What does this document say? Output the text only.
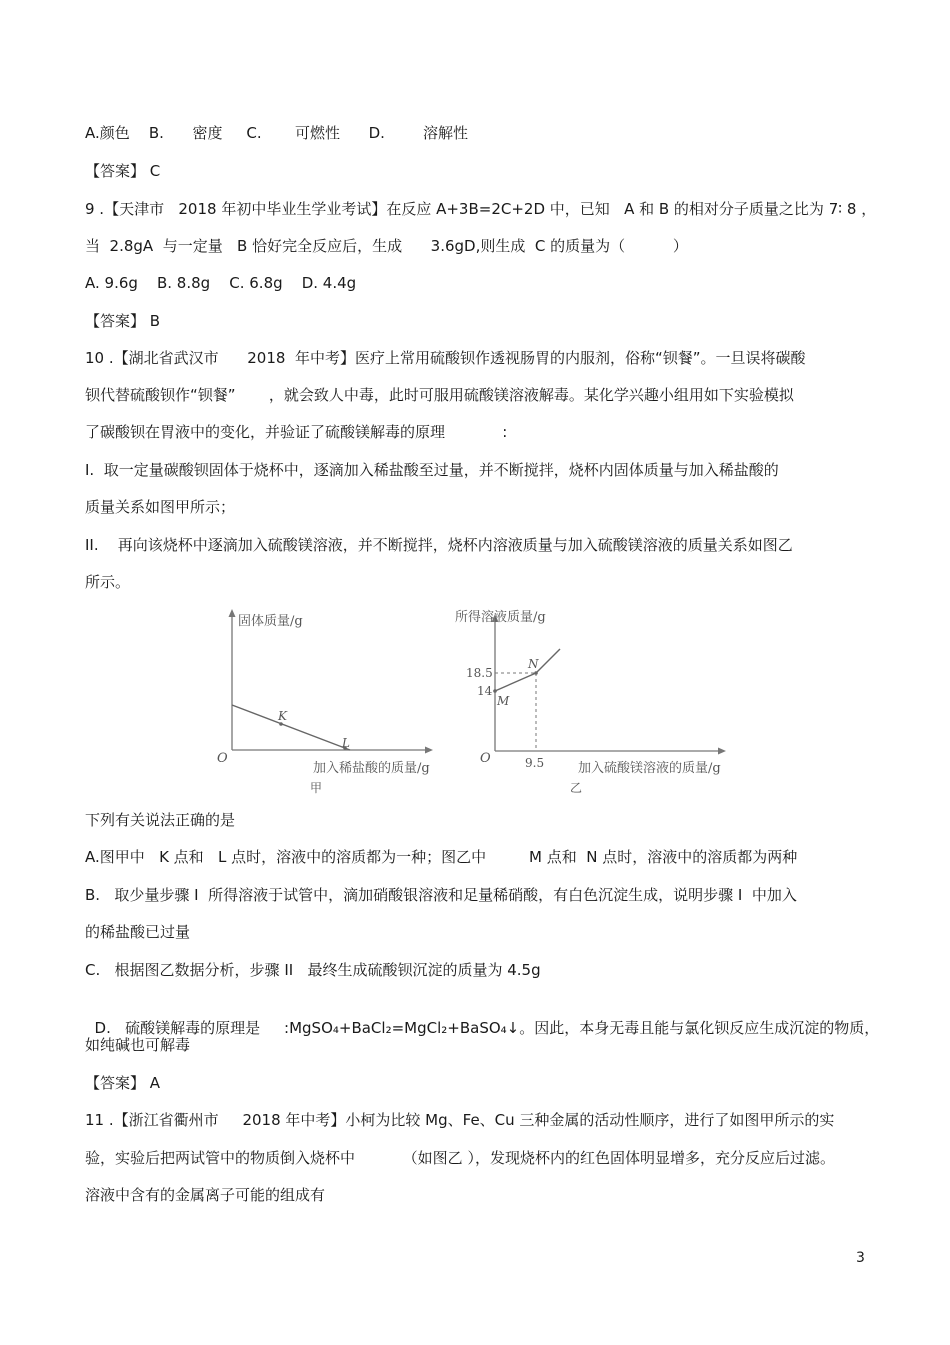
A.颜色    B.      密度     C.       可燃性      D.        溶解性
【答案】 C
9 .【天津市   2018 年初中毕业生学业考试】在反应 A+3B=2C+2D 中，已知   A 和 B 的相对分子质量之比为 7∶ 8 ，
当  2.8gA  与一定量   B 恰好完全反应后，生成      3.6gD,则生成  C 的质量为（          ）
A. 9.6g    B. 8.8g    C. 6.8g    D. 4.4g
【答案】 B
10 .【湖北省武汉市      2018  年中考】医疗上常用硫酸钡作透视肠胃的内服剂，俗称“钡餐”。一旦误将碳酸
钡代替硫酸钡作“钡餐”       ，就会致人中毒，此时可服用硫酸镁溶液解毒。某化学兴趣小组用如下实验模拟
了碳酸钡在胃液中的变化，并验证了硫酸镁解毒的原理            :
I.  取一定量碳酸钡固体于烧杯中，逐滴加入稀盐酸至过量，并不断搅拌，烧杯内固体质量与加入稀盐酸的
质量关系如图甲所示；
II.    再向该烧杯中逐滴加入硫酸镁溶液，并不断搅拌，烧杯内溶液质量与加入硫酸镁溶液的质量关系如图乙
所示。
固体质量/g
K
L
O
加入稀盐酸的质量/g
甲
所得溶液质量/g
18.5
14
N
M
O	9.5	加入硫酸镁溶液的质量/g
乙
下列有关说法正确的是
A.图甲中   K 点和   L 点时，溶液中的溶质都为一种；图乙中         M 点和  N 点时，溶液中的溶质都为两种
B.   取少量步骤 I  所得溶液于试管中，滴加硝酸银溶液和足量稀硝酸，有白色沉淀生成，说明步骤 I  中加入
的稀盐酸已过量
C.   根据图乙数据分析，步骤 II   最终生成硫酸钡沉淀的质量为 4.5g

D.   硫酸镁解毒的原理是     :MgSO₄+BaCl₂=MgCl₂+BaSO₄↓。因此，本身无毒且能与氯化钡反应生成沉淀的物质，

如纯碱也可解毒
【答案】 A
11 .【浙江省衢州市     2018 年中考】小柯为比较 Mg、Fe、Cu 三种金属的活动性顺序，进行了如图甲所示的实
验，实验后把两试管中的物质倒入烧杯中          （如图乙 ），发现烧杯内的红色固体明显增多，充分反应后过滤。
溶液中含有的金属离子可能的组成有
3
